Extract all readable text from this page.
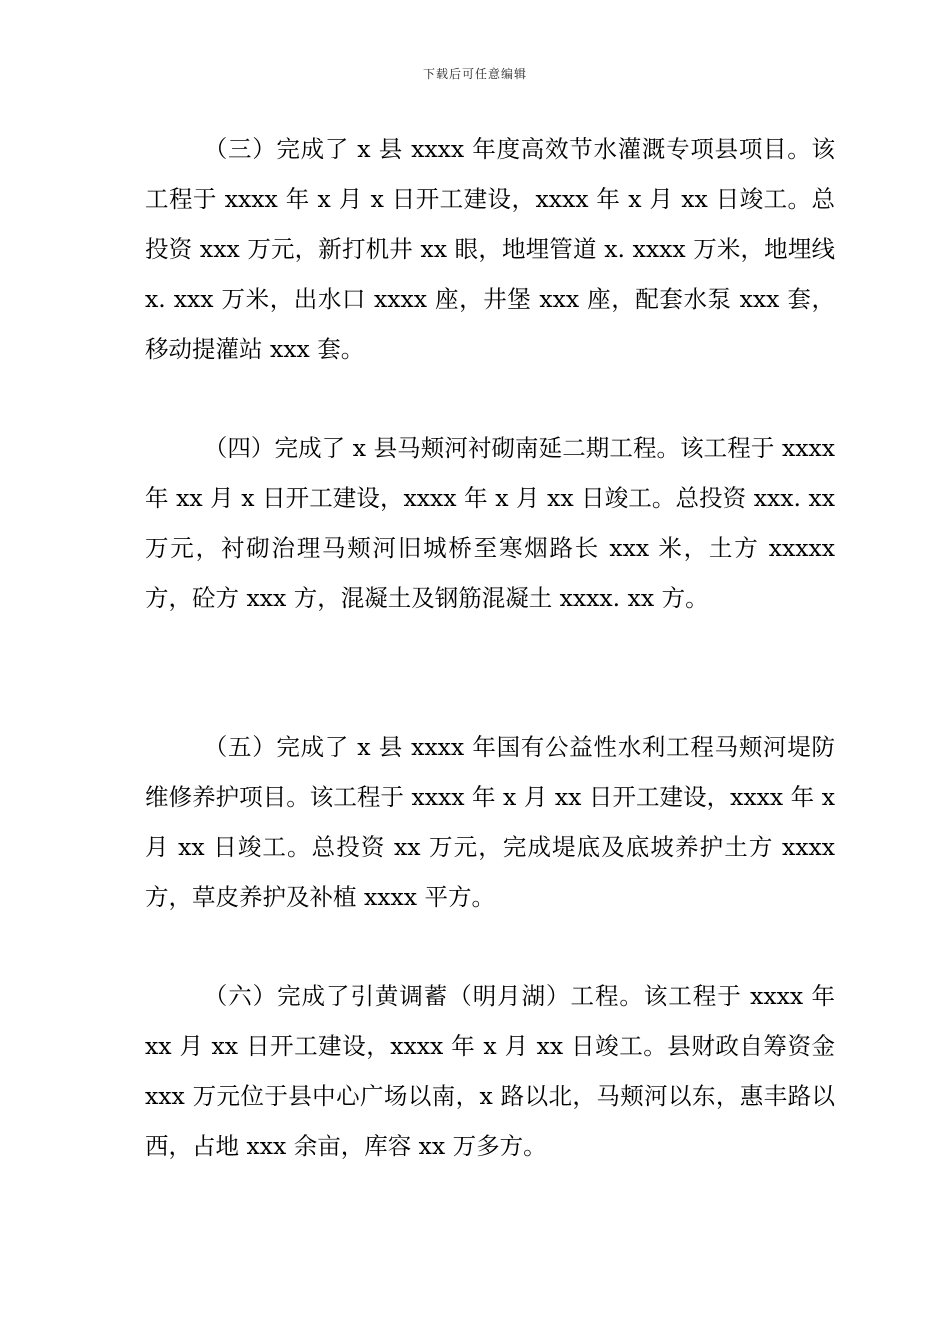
下载后可任意编辑

（三）完成了 x 县 xxxx 年度高效节水灌溉专项县项目。该工程于 xxxx 年 x 月 x 日开工建设，xxxx 年 x 月 xx 日竣工。总投资 xxx 万元，新打机井 xx 眼，地埋管道 x. xxxx 万米，地埋线 x. xxx 万米，出水口 xxxx 座，井堡 xxx 座，配套水泵 xxx 套，移动提灌站 xxx 套。

（四）完成了 x 县马颊河衬砌南延二期工程。该工程于 xxxx 年 xx 月 x 日开工建设，xxxx 年 x 月 xx 日竣工。总投资 xxx. xx 万元，衬砌治理马颊河旧城桥至寒烟路长 xxx 米，土方 xxxxx 方，砼方 xxx 方，混凝土及钢筋混凝土 xxxx. xx 方。

（五）完成了 x 县 xxxx 年国有公益性水利工程马颊河堤防维修养护项目。该工程于 xxxx 年 x 月 xx 日开工建设，xxxx 年 x 月 xx 日竣工。总投资 xx 万元，完成堤底及底坡养护土方 xxxx 方，草皮养护及补植 xxxx 平方。

（六）完成了引黄调蓄（明月湖）工程。该工程于 xxxx 年 xx 月 xx 日开工建设，xxxx 年 x 月 xx 日竣工。县财政自筹资金 xxx 万元位于县中心广场以南，x 路以北，马颊河以东，惠丰路以西，占地 xxx 余亩，库容 xx 万多方。
